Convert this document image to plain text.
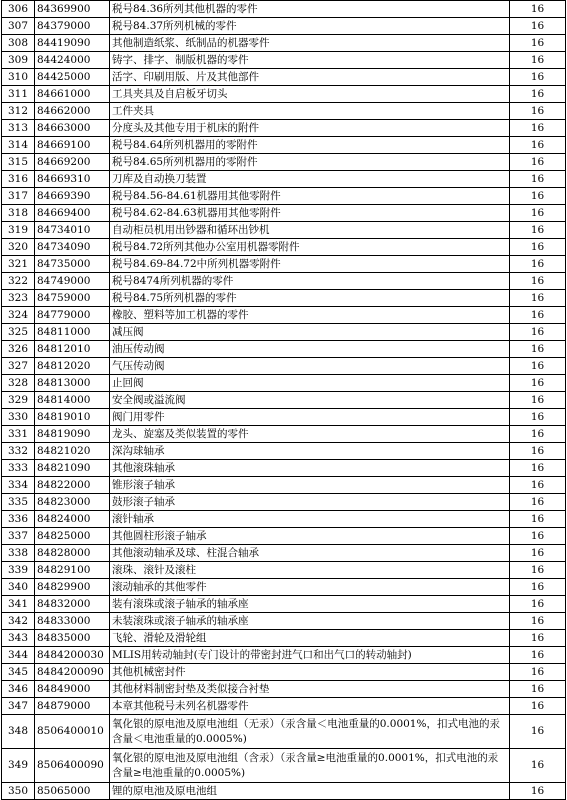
306	84369900	税号84.36所列其他机器的零件	16
307	84379000	税号84.37所列机械的零件	16
308	84419090	其他制造纸浆、纸制品的机器零件	16
309	84424000	铸字、排字、制版机器的零件	16
310	84425000	活字、印刷用版、片及其他部件	16
311	84661000	工具夹具及自启板牙切头	16
312	84662000	工件夹具	16
313	84663000	分度头及其他专用于机床的附件	16
314	84669100	税号84.64所列机器用的零附件	16
315	84669200	税号84.65所列机器用的零附件	16
316	84669310	刀库及自动换刀装置	16
317	84669390	税号84.56-84.61机器用其他零附件	16
318	84669400	税号84.62-84.63机器用其他零附件	16
319	84734010	自动柜员机用出钞器和循环出钞机	16
320	84734090	税号84.72所列其他办公室用机器零附件	16
321	84735000	税号84.69-84.72中所列机器零附件	16
322	84749000	税号8474所列机器的零件	16
323	84759000	税号84.75所列机器的零件	16
324	84779000	橡胶、塑料等加工机器的零件	16
325	84811000	减压阀	16
326	84812010	油压传动阀	16
327	84812020	气压传动阀	16
328	84813000	止回阀	16
329	84814000	安全阀或溢流阀	16
330	84819010	阀门用零件	16
331	84819090	龙头、旋塞及类似装置的零件	16
332	84821020	深沟球轴承	16
333	84821090	其他滚珠轴承	16
334	84822000	锥形滚子轴承	16
335	84823000	鼓形滚子轴承	16
336	84824000	滚针轴承	16
337	84825000	其他圆柱形滚子轴承	16
338	84828000	其他滚动轴承及球、柱混合轴承	16
339	84829100	滚珠、滚针及滚柱	16
340	84829900	滚动轴承的其他零件	16
341	84832000	装有滚珠或滚子轴承的轴承座	16
342	84833000	未装滚珠或滚子轴承的轴承座	16
343	84835000	飞轮、滑轮及滑轮组	16
344	8484200030	MLIS用转动轴封(专门设计的带密封进气口和出气口的转动轴封)	16
345	8484200090	其他机械密封件	16
346	84849000	其他材料制密封垫及类似接合衬垫	16
347	84879000	本章其他税号未列名机器零件	16
348	8506400010	氧化银的原电池及原电池组（无汞）（汞含量＜电池重量的0.0001%，扣式电池的汞含量＜电池重量的0.0005%)	16
349	8506400090	氧化银的原电池及原电池组（含汞）（汞含量≥电池重量的0.0001%，扣式电池的汞含量≥电池重量的0.0005%)	16
350	85065000	锂的原电池及原电池组	16
